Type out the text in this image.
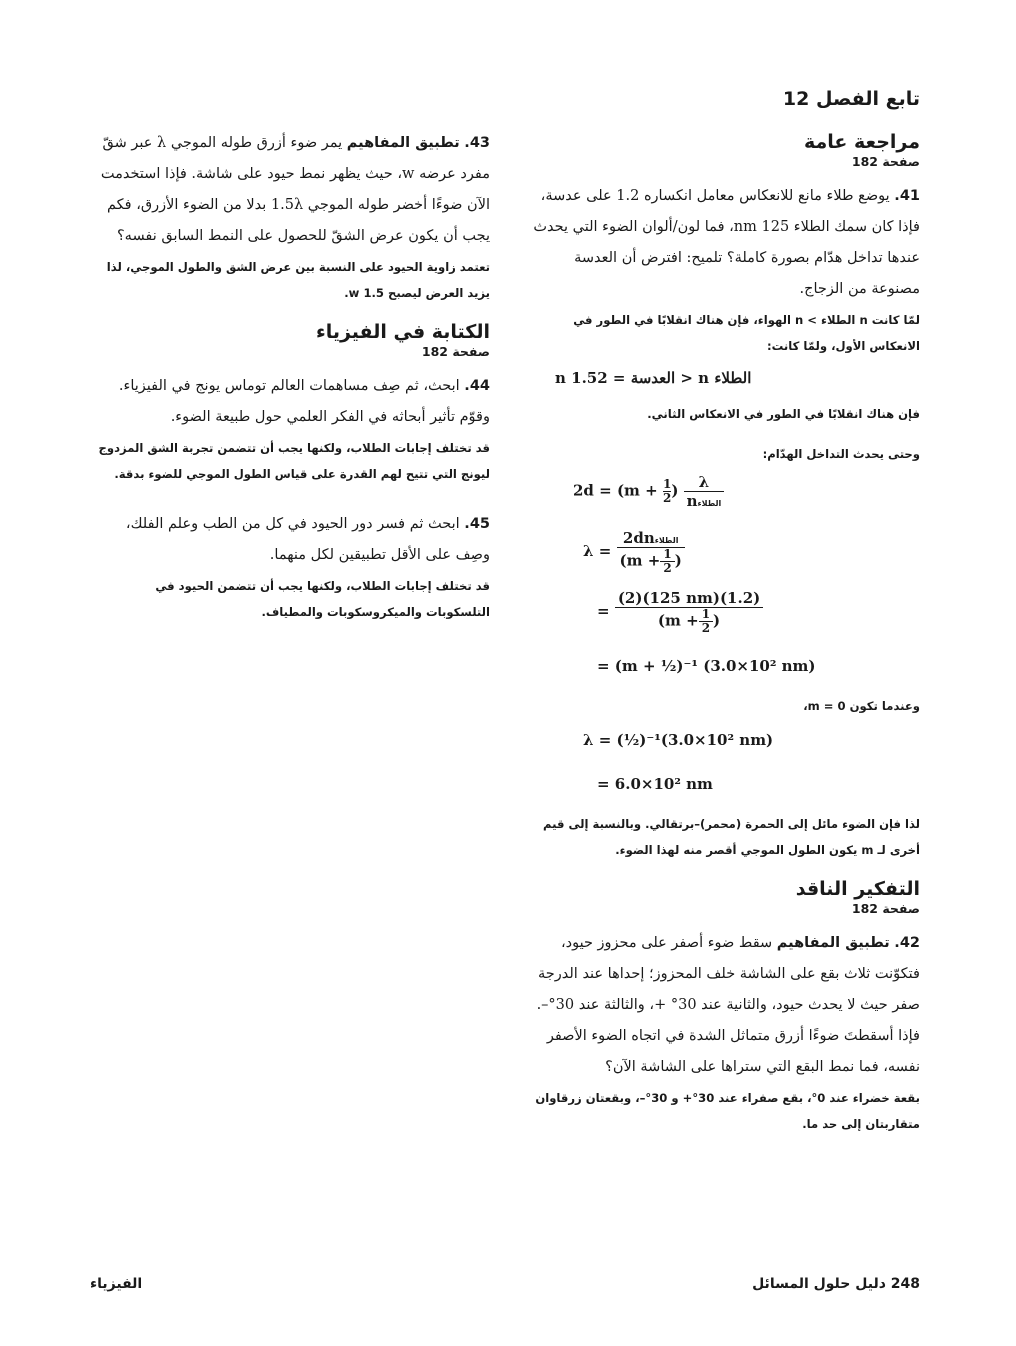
تابع الفصل 12
مراجعة عامة
صفحة 182

41. يوضع طلاء مانع للانعكاس معامل انكساره 1.2 على عدسة، فإذا كان سمك الطلاء 125 nm، فما لون/ألوان الضوء التي يحدث عندها تداخل هدّام بصورة كاملة؟ تلميح: افترض أن العدسة مصنوعة من الزجاج.

لمّا كانت n الطلاء > n الهواء، فإن هناك انقلابًا في الطور في الانعكاس الأول، ولمّا كانت:
n العدسة = 1.52 > n الطلاء
فإن هناك انقلابًا في الطور في الانعكاس الثاني.
وحتى يحدث التداخل الهدّام:
$2d = (m + \frac{1}{2}) \frac{\lambda}{\text{nالطلاء}}$
$\lambda = \frac{\text{2dnالطلاء}}{(m + \frac{1}{2} )}$
= $\frac{(2)(125 nm)(1.2)}{(m + \frac{1}{2} )}$
= (m + ½)⁻¹ (3.0×10² nm)
وعندما تكون m = 0،
λ = (½)⁻¹(3.0×10² nm)
= 6.0×10² nm
لذا فإن الضوء مائل إلى الحمرة (محمر)–برتقالي. وبالنسبة إلى قيم أخرى لـ m يكون الطول الموجي أقصر منه لهذا الضوء.
التفكير الناقد
صفحة 182

42. تطبيق المفاهيم سقط ضوء أصفر على محزوز حيود، فتكوّنت ثلاث بقع على الشاشة خلف المحزوز؛ إحداها عند الدرجة صفر حيث لا يحدث حيود، والثانية عند 30° +، والثالثة عند 30°–. فإذا أسقطتَ ضوءًا أزرق متماثل الشدة في اتجاه الضوء الأصفر نفسه، فما نمط البقع التي ستراها على الشاشة الآن؟

بقعة خضراء عند 0°، بقع صفراء عند 30°+ و 30°–، وبقعتان زرقاوان متقاربتان إلى حد ما.

43. تطبيق المفاهيم يمر ضوء أزرق طوله الموجي λ عبر شقّ مفرد عرضه w، حيث يظهر نمط حيود على شاشة. فإذا استخدمت الآن ضوءًا أخضر طوله الموجي 1.5λ بدلا من الضوء الأزرق، فكم يجب أن يكون عرض الشقّ للحصول على النمط السابق نفسه؟

تعتمد زاوية الحيود على النسبة بين عرض الشق والطول الموجي، لذا يزيد العرض ليصبح 1.5 w.
الكتابة في الفيزياء
صفحة 182

44. ابحث، ثم صِف مساهمات العالم توماس يونج في الفيزياء. وقوّم تأثير أبحاثه في الفكر العلمي حول طبيعة الضوء.

قد تختلف إجابات الطلاب، ولكنها يجب أن تتضمن تجربة الشق المزدوج ليونج التي تتيح لهم القدرة على قياس الطول الموجي للضوء بدقة.

45. ابحث ثم فسر دور الحيود في كل من الطب وعلم الفلك، وصِف على الأقل تطبيقين لكل منهما.

قد تختلف إجابات الطلاب، ولكنها يجب أن تتضمن الحيود في التلسكوبات والميكروسكوبات والمطياف.
248 دليل حلول المسائل
الفيزياء
